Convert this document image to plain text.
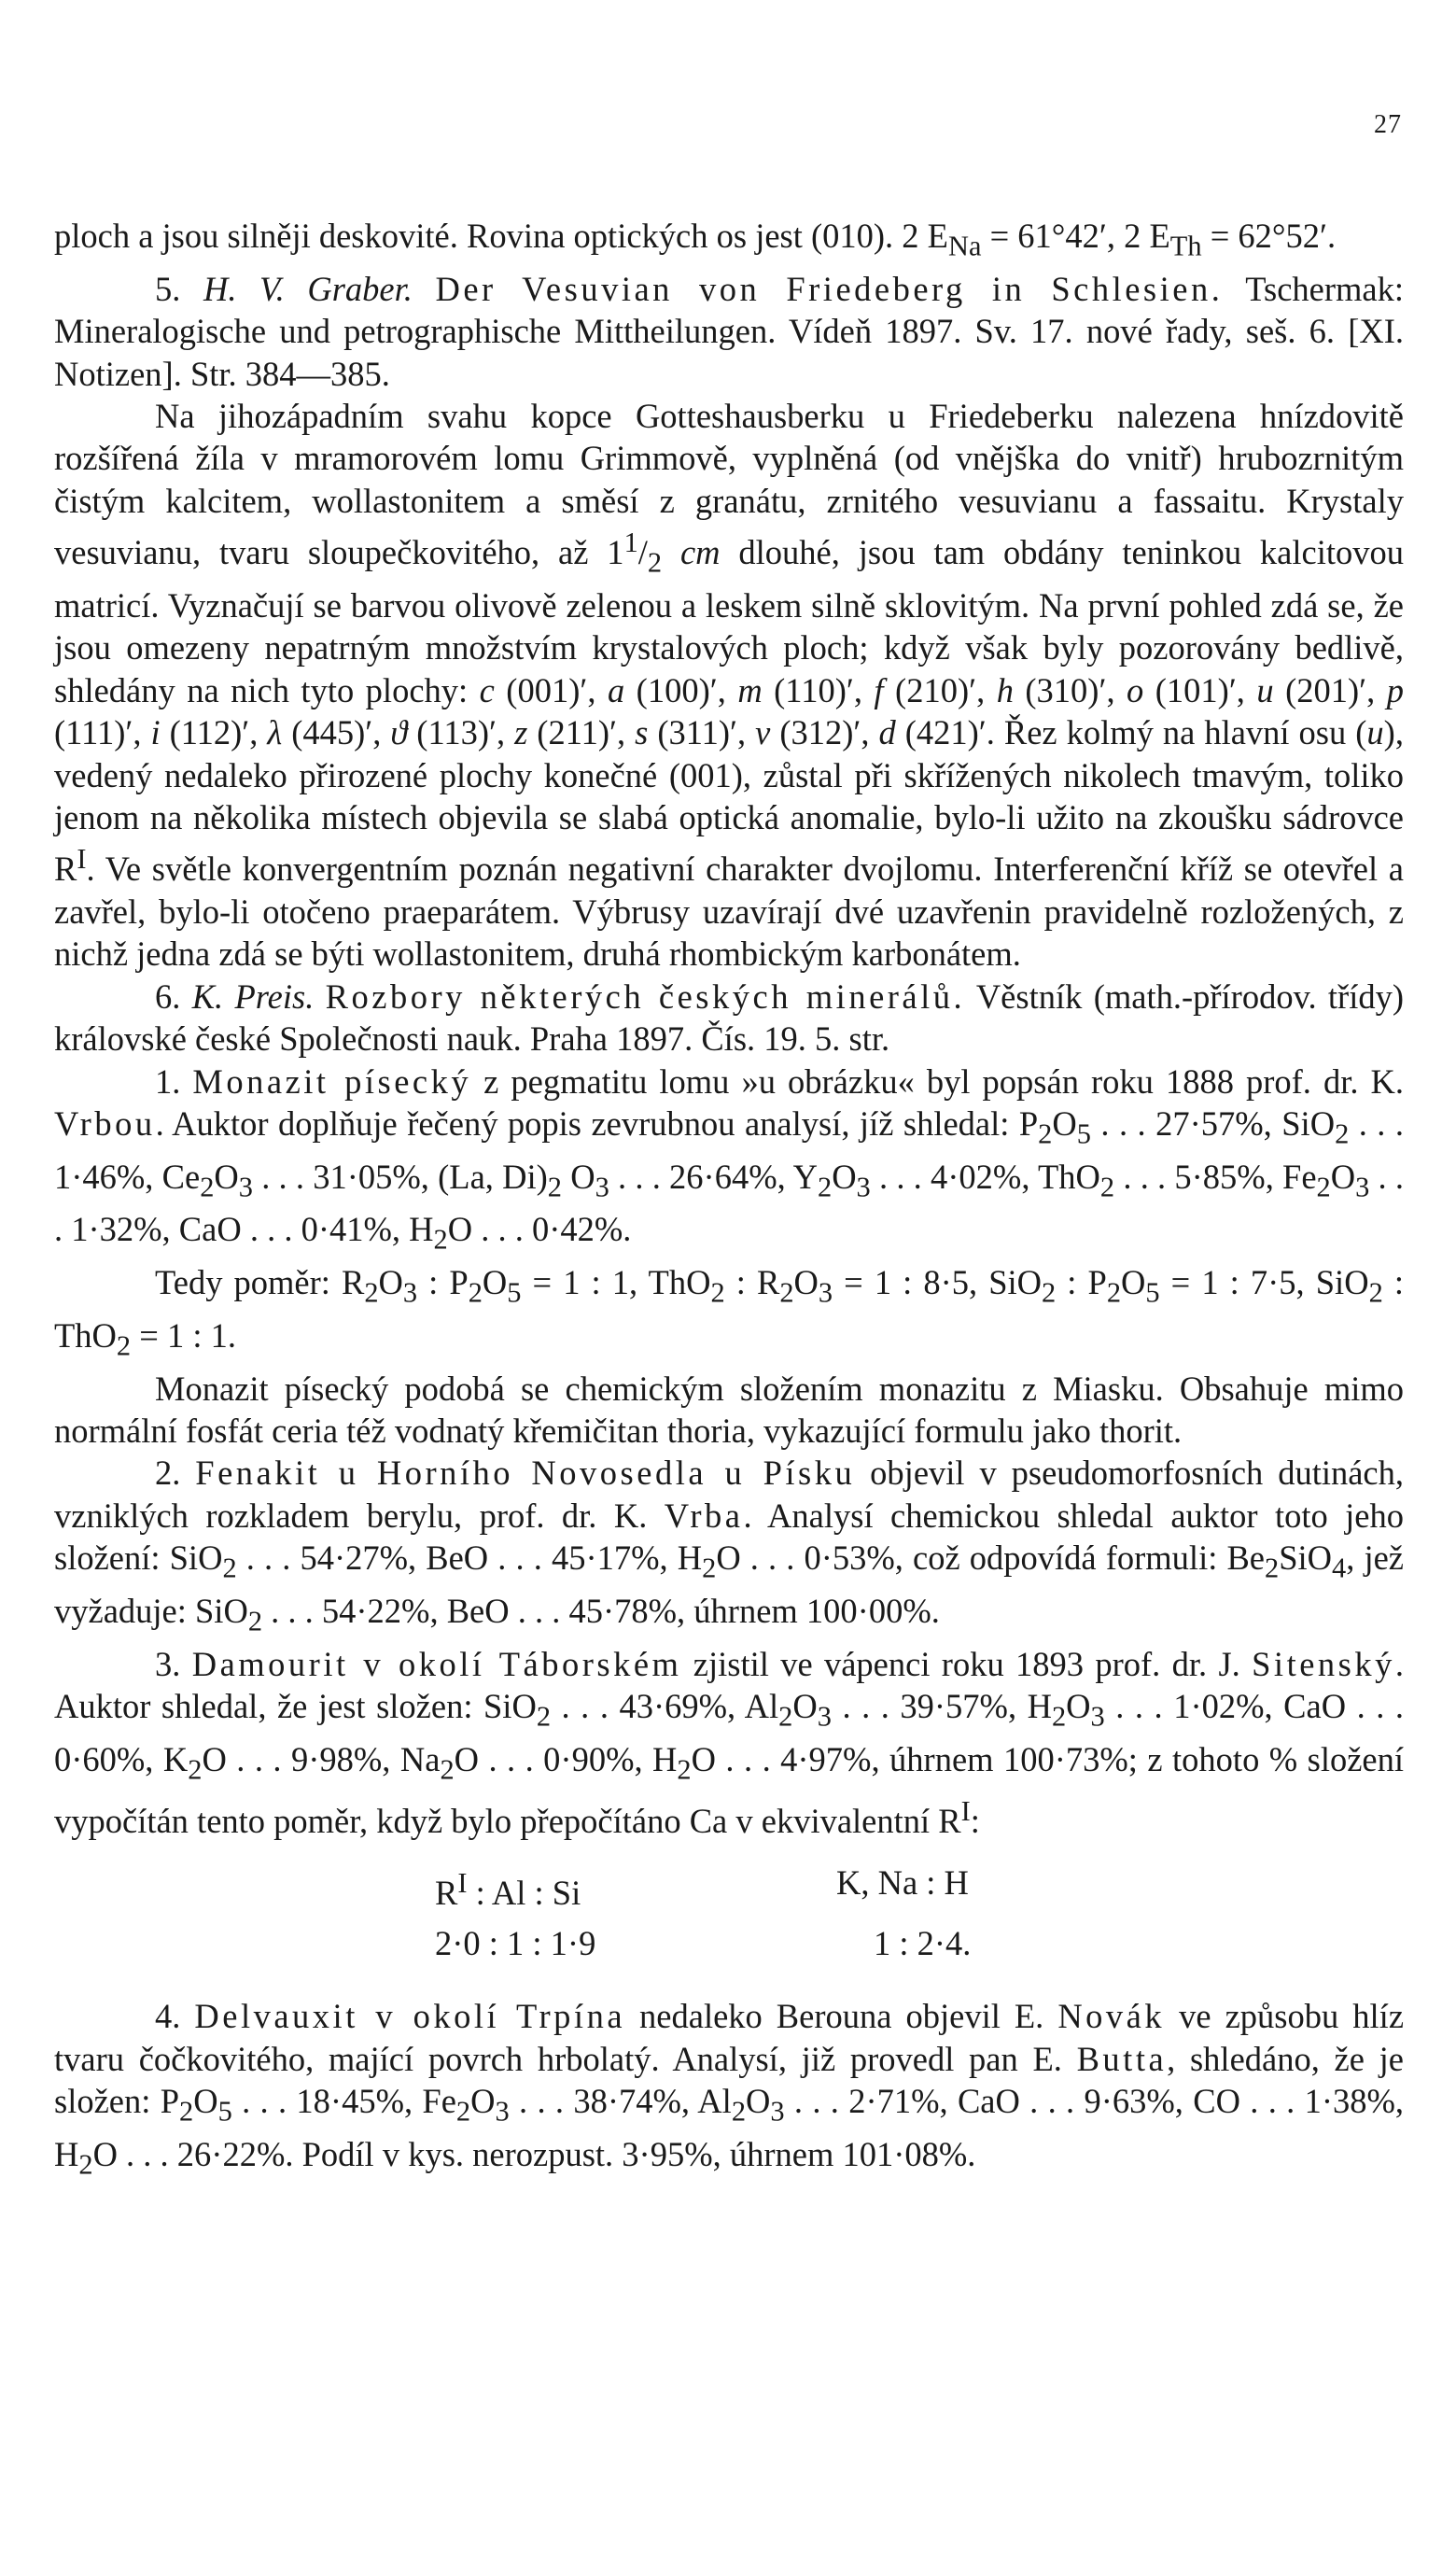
27

ploch a jsou silněji deskovité. Rovina optických os jest (010). 2 $E_{Na} = 61^\circ 42'$, 2 $E_{Th} = 62^\circ 52'$.

5. H. V. Graber. Der Vesuvian von Friedeberg in Schlesien. Tschermak: Mineralogische und petrographische Mittheilungen. Vídeň 1897. Sv. 17. nové řady, seš. 6. [XI. Notizen]. Str. 384—385.

Na jihozápadním svahu kopce Gotteshausberku u Friedeberku nalezena hnízdovitě rozšířená žíla v mramorovém lomu Grimmově, vyplněná (od vnějška do vnitř) hrubozrnitým čistým kalcitem, wollastonitem a směsí z granátu, zrnitého vesuvianu a fassaitu. Krystaly vesuvianu, tvaru sloupečkovitého, až $1^1/_2$ cm dlouhé, jsou tam obdány teninkou kalcitovou matricí. Vyznačují se barvou olivově zelenou a leskem silně sklovitým. Na první pohled zdá se, že jsou omezeny nepatrným množstvím krystalových ploch; když však byly pozorovány bedlivě, shledány na nich tyto plochy: c (001)′, a (100)′, m (110)′, f (210)′, h (310)′, o (101)′, u (201)′, p (111)′, i (112)′, λ (445)′, ϑ (113)′, z (211)′, s (311)′, v (312)′, d (421)′. Řez kolmý na hlavní osu (u), vedený nedaleko přirozené plochy konečné (001), zůstal při skřížených nikolech tmavým, toliko jenom na několika místech objevila se slabá optická anomalie, bylo-li užito na zkoušku sádrovce $R^I$. Ve světle konvergentním poznán negativní charakter dvojlomu. Interferenční kříž se otevřel a zavřel, bylo-li otočeno praeparátem. Výbrusy uzavírají dvé uzavřenin pravidelně rozložených, z nichž jedna zdá se býti wollastonitem, druhá rhombickým karbonátem.

6. K. Preis. Rozbory některých českých minerálů. Věstník (math.-přírodov. třídy) královské české Společnosti nauk. Praha 1897. Čís. 19. 5. str.

1. Monazit písecký z pegmatitu lomu »u obrázku« byl popsán roku 1888 prof. dr. K. Vrbou. Auktor doplňuje řečený popis zevrubnou analysí, jíž shledal: $P_2O_5$ . . . 27·57%, SiO$_2$ . . . 1·46%, $Ce_2O_3$ . . . 31·05%, (La, $Di)_2$ $O_3$ . . . 26·64%, $Y_2O_3$ . . . 4·02%, ThO$_2$ . . . 5·85%, $Fe_2O_3$ . . . 1·32%, CaO . . . 0·41%, $H_2O$ . . . 0·42%.

Tedy poměr: $R_2O_3$ : $P_2O_5 = 1$ : 1, ThO$_2$ : $R_2O_3 = 1$ : 8·5, SiO$_2$ : $P_2O_5 = 1$ : 7·5, SiO$_2$ : ThO$_2$ = 1 : 1.

Monazit písecký podobá se chemickým složením monazitu z Miasku. Obsahuje mimo normální fosfát ceria též vodnatý křemičitan thoria, vykazující formulu jako thorit.

2. Fenakit u Horního Novosedla u Písku objevil v pseudomorfosních dutinách, vzniklých rozkladem berylu, prof. dr. K. Vrba. Analysí chemickou shledal auktor toto jeho složení: SiO$_2$ . . . 54·27%, BeO . . . 45·17%, $H_2O$ . . . 0·53%, což odpovídá formuli: $Be_2SiO_4$, jež vyžaduje: SiO$_2$ . . . 54·22%, BeO . . . 45·78%, úhrnem 100·00%.

3. Damourit v okolí Táborském zjistil ve vápenci roku 1893 prof. dr. J. Sitenský. Auktor shledal, že jest složen: SiO$_2$ . . . 43·69%, $Al_2O_3$ . . . 39·57%, $H_2O_3$ . . . 1·02%, CaO . . . 0·60%, $K_2O$ . . . 9·98%, $Na_2O$ . . . 0·90%, $H_2O$ . . . 4·97%, úhrnem 100·73%; z tohoto % složení vypočítán tento poměr, když bylo přepočítáno Ca v ekvivalentní $R^I$:

$R^I$ : Al : Si	K, Na : H
2·0 : 1 : 1·9	1 : 2·4.

4. Delvauxit v okolí Trpína nedaleko Berouna objevil E. Novák ve způsobu hlíz tvaru čočkovitého, mající povrch hrbolatý. Analysí, již provedl pan E. Butta, shledáno, že je složen: $P_2O_5$ . . . 18·45%, $Fe_2O_3$ . . . 38·74%, $Al_2O_3$ . . . 2·71%, CaO . . . 9·63%, CO . . . 1·38%, $H_2O$ . . . 26·22%. Podíl v kys. nerozpust. 3·95%, úhrnem 101·08%.
